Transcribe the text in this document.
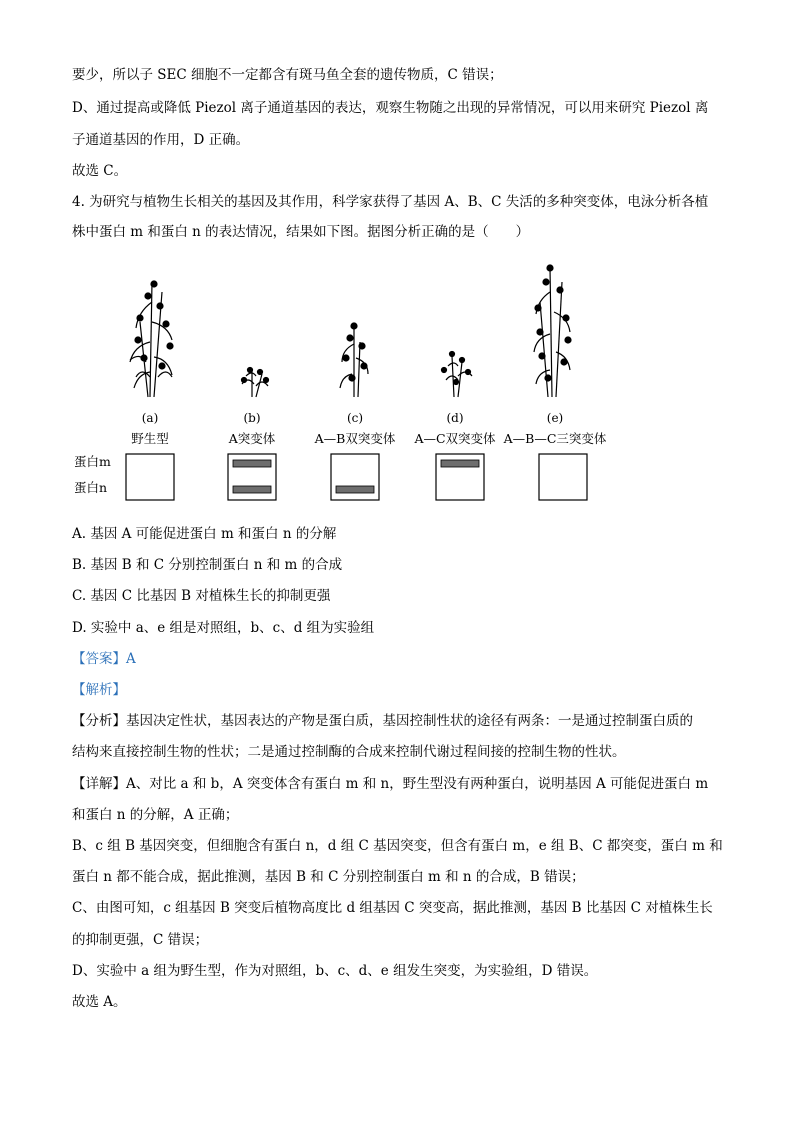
要少，所以子 SEC 细胞不一定都含有斑马鱼全套的遗传物质，C 错误；
D、通过提高或降低 Piezol 离子通道基因的表达，观察生物随之出现的异常情况，可以用来研究 Piezol 离
子通道基因的作用，D 正确。
故选 C。
4. 为研究与植物生长相关的基因及其作用，科学家获得了基因 A、B、C 失活的多种突变体，电泳分析各植
株中蛋白 m 和蛋白 n 的表达情况，结果如下图。据图分析正确的是（　　）
(a)	(b)	(c)	(d)	(e)
野生型	A突变体	A—B双突变体 A—C双突变体 A—B—C三突变体
蛋白m
蛋白n
A. 基因 A 可能促进蛋白 m 和蛋白 n 的分解
B. 基因 B 和 C 分别控制蛋白 n 和 m 的合成
C. 基因 C 比基因 B 对植株生长的抑制更强
D. 实验中 a、e 组是对照组，b、c、d 组为实验组
【答案】A
【解析】
【分析】基因决定性状，基因表达的产物是蛋白质，基因控制性状的途径有两条：一是通过控制蛋白质的
结构来直接控制生物的性状；二是通过控制酶的合成来控制代谢过程间接的控制生物的性状。
【详解】A、对比 a 和 b，A 突变体含有蛋白 m 和 n，野生型没有两种蛋白，说明基因 A 可能促进蛋白 m
和蛋白 n 的分解，A 正确；
B、c 组 B 基因突变，但细胞含有蛋白 n，d 组 C 基因突变，但含有蛋白 m，e 组 B、C 都突变，蛋白 m 和
蛋白 n 都不能合成，据此推测，基因 B 和 C 分别控制蛋白 m 和 n 的合成，B 错误；
C、由图可知，c 组基因 B 突变后植物高度比 d 组基因 C 突变高，据此推测，基因 B 比基因 C 对植株生长
的抑制更强，C 错误；
D、实验中 a 组为野生型，作为对照组，b、c、d、e 组发生突变，为实验组，D 错误。
故选 A。
